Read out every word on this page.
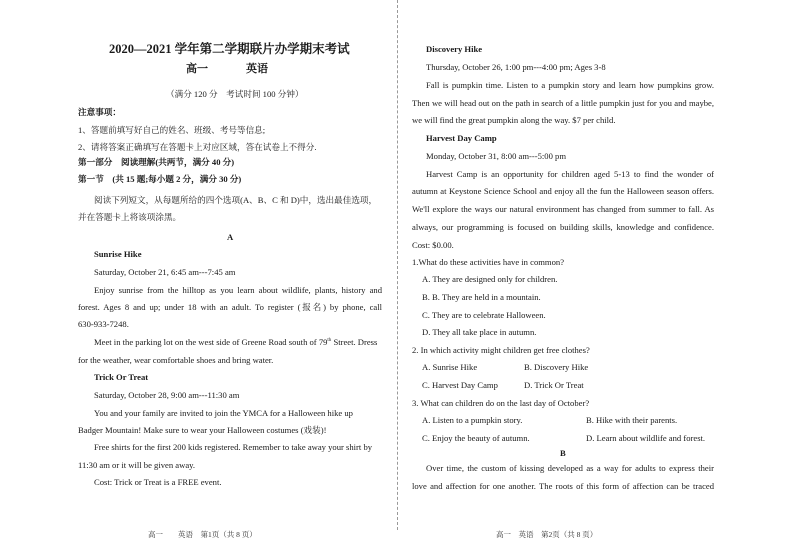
2020—2021 学年第二学期联片办学期末考试
高一	英语
（满分 120 分　考试时间 100 分钟）
注意事项：
1、答题前填写好自己的姓名、班级、考号等信息;
2、请将答案正确填写在答题卡上对应区域，答在试卷上不得分.
第一部分　阅读理解(共两节，满分 40 分)
第一节　(共 15 题;每小题 2 分，满分 30 分)
阅读下列短文，从每题所给的四个选项(A、B、C 和 D)中，选出最佳选项，
并在答题卡上将该项涂黑。
A
Sunrise Hike
Saturday, October 21, 6:45 am---7:45 am
Enjoy sunrise from the hilltop as you learn about wildlife, plants, history and
forest. Ages 8 and up; under 18 with an adult. To register (报名) by phone, call
630-933-7248.
Meet in the parking lot on the west side of Greene Road south of 79th Street. Dress
for the weather, wear comfortable shoes and bring water.
Trick Or Treat
Saturday, October 28, 9:00 am---11:30 am
You and your family are invited to join the YMCA for a Halloween hike up
Badger Mountain! Make sure to wear your Halloween costumes (戏装)!
Free shirts for the first 200 kids registered. Remember to take away your shirt by
11:30 am or it will be given away.
Cost: Trick or Treat is a FREE event.
高一　　英语　第1页（共 8 页）
Discovery Hike
Thursday, October 26, 1:00 pm---4:00 pm; Ages 3-8
Fall is pumpkin time. Listen to a pumpkin story and learn how pumpkins grow.
Then we will head out on the path in search of a little pumpkin just for you and maybe,
we will find the great pumpkin along the way. $7 per child.
Harvest Day Camp
Monday, October 31, 8:00 am---5:00 pm
Harvest Camp is an opportunity for children aged 5-13 to find the wonder of
autumn at Keystone Science School and enjoy all the fun the Halloween season offers.
We'll explore the ways our natural environment has changed from summer to fall. As
always, our programming is focused on building skills, knowledge and confidence.
Cost: $0.00.
1.What do these activities have in common?
A. They are designed only for children.
B. B. They are held in a mountain.
C. They are to celebrate Halloween.
D. They all take place in autumn.
2. In which activity might children get free clothes?
A. Sunrise Hike	B. Discovery Hike
C. Harvest Day Camp	D. Trick Or Treat
3. What can children do on the last day of October?
A. Listen to a pumpkin story.	B. Hike with their parents.
C. Enjoy the beauty of autumn.	D. Learn about wildlife and forest.
B
Over time, the custom of kissing developed as a way for adults to express their
love and affection for one another. The roots of this form of affection can be traced
高一　英语　第2页（共 8 页）
